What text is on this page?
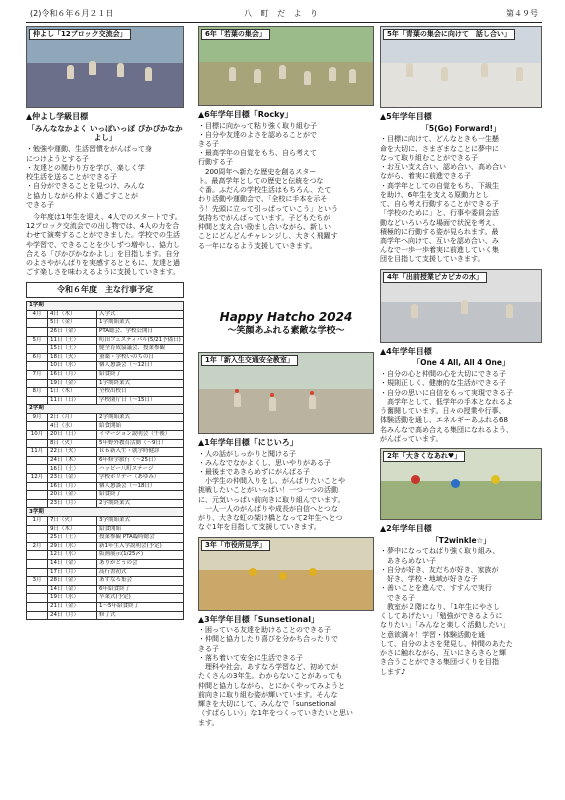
(2)令和６年６月２１日	八 町 だ よ り	第４９号
仲よし「12ブロック交流会」
▲仲よし学級目標
「みんななかよく いっぽいっぽ ぴかぴかなかよし」

・勉強や運動、生活習慣をがんばって身
につけようとする子
・友達との関わり方を学び、楽しく学
校生活を送ることができる子
・自分ができることを見つけ、みんな
と協力しながら仲よく過ごすことが
できる子

　今年度は1年生を迎え、4人でのスタートです。12ブロック交流会での出し物では、4人の力を合わせて演奏することができました。学校での生活や学習で、できることを少しずつ増やし、協力し合える「ぴかぴかなかよし」を目指します。自分のよさやがんばりを実感するとともに、友達と過ごす楽しさを味わえるように支援していきます。

令和６年度　主な行事予定
1学期		
4月	4日（木）	入学式
	5日（金）	1学期始業式
	26日（金）	PTA総会、学校公開日
5月	11日（土）	町田フェスティバル(5/21予備日)
	15日（土）	健全育成協議会、授業参観
6月	18日（火）	蚕桑・学校いのちの日
	10日（水）	個人懇談会（～12日）
7月	16日（月）	給食終了
	19日（金）	1学期終業式
8月	1日（木）	全校出校日
	11日（日）	学校閉庁日（～15日）
2学期		
9月	2日（月）	2学期始業式
	4日（水）	給食開始
10月	20日（日）	イマージョン説明会（午後）
	8日（火）	5年野外教育活動（～9日）
11月	22日（火）	Ｒ６新入生・就学時健診
	24日（木）	6年修学旅行（～25日）
	16日（土）	ハッピー八町ステージ
12月	23日（金）	学校ホリデー（あゆみ）
	16日（月）	個人懇談会（～18日）
	20日（金）	給食終了
	23日（月）	2学期終業式
3学期		
1月	7日（火）	3学期始業式
	9日（木）	給食開始
	25日（土）	授業参観 PTA臨時総会
2月	29日（水）	新1年生入学説明会(予定)
	12日（水）	版画展示(1/25〆)
	14日（金）	ありがとうの会
	17日（月）	高行書初式
3月	28日（金）	あすなろ集会
	14日（金）	6年給食終了
	19日（水）	卒業式(予定)
	21日（金）	1～5年給食終了
	24日（月）	修了式
6年「若葉の集会」
▲6年学年目標「Rocky」

・目標に向かって粘り強く取り組む子
・自分や友達のよさを認めることがで
きる子
・最高学年の自覚をもち、自ら考えて
行動する子
　200周年へ新たな歴史を創るスター
ト。最高学年としての歴史と伝統をつな
ぐ番。ふだんの学校生活はもちろん、たて
わり活動や運動会で、「全校に手本を示そ
う！先頭に立って引っぱっていこう」という
気持ちでがんばっています。子どもたちが
仲間と支え合い励まし合いながら、新しい
ことにどんどんチャレンジし、大きく飛躍す
る一年になるよう支援していきます。

Happy Hatcho 2024
～笑顔あふれる素敵な学校～
1年「新入生交通安全教室」
▲1年学年目標「にじいろ」

・人の話がしっかりと聞ける子
・みんなでなかよくし、思いやりがある子
・最後まであきらめずにがんばる子
　小学生の仲間入りをし、がんばりたいことや
挑戦したいことがいっぱい！一つ一つの活動
に、元気いっぱい前向きに取り組んでいます。
　一人一人のがんばりや成長が自信へとつな
がり、大きな虹の架け橋となって2年生へとつ
なぐ1年を目指して支援していきます。

3年「市役所見学」
▲3年学年目標「Sunsetional」

・困っている友達を助けることのできる子
・仲間と協力したり喜びを分かち合ったりで
きる子
・落ち着いて安全に生活できる子
　理科や社会、あすなろ学習など、初めてが
たくさんの3年生。わからないことがあっても
仲間と協力しながら、とにかくやってみようと
前向きに取り組む姿が輝いています。そんな
輝きを大切にして、みんなで「sunsetional
（すばらしい）」な1年をつくっていきたいと思い
ます。

5年「青葉の集会に向けて　話し合い」
▲5年学年目標
「5(Go) Forward!」

・目標に向けて、どんなときも一生懸
命を大切に、さまざまなことに夢中に
なって取り組むことができる子
・お互い支え合い、認め合い、高め合い
ながら、着実に前進できる子
・高学年としての自覚をもち、下級生
を助け、6年生を支える原動力とし
て、自ら考え行動することができる子
「学校のために」と、行事や委員会活
動などいろいろな場面で状況を考え、
積極的に行動する姿が見られます。最
高学年へ向けて、互いを認め合い、み
んなで一歩一歩着実に前進していく集
団を目指して支援していきます。

4年「出前授業ピカピカの水」
▲4年学年目標
「One 4 All, All 4 One」

・自分の心と仲間の心を大切にできる子
・規則正しく、健康的な生活ができる子
・自分の思いに自信をもって実現できる子
　高学年として、低学年の手本となれるよ
う奮闘しています。日々の授業や行事、
体験活動を通し、エネルギーあふれる68
名みんなで高め合える集団になれるよう、
がんばっています。

2年「大きくなあれ♥」
▲2年学年目標
「T2winkle☆」

・夢中になってねばり強く取り組み、
　あきらめない子
・自分が好き、友だちが好き、家族が
　好き、学校・地域が好きな子
・善いことを進んで、すすんで実行
　できる子
　教室が２階になり、「1年生にやさし
くしてあげたい」「勉強ができるように
なりたい」「みんなと楽しく活動したい」
と意欲満々！学習・体験活動を通
して、自分のよさを発見し、仲間のあたた
かさに触れながら、互いにきらきらと輝
き合うことができる集団づくりを目指
します♪
